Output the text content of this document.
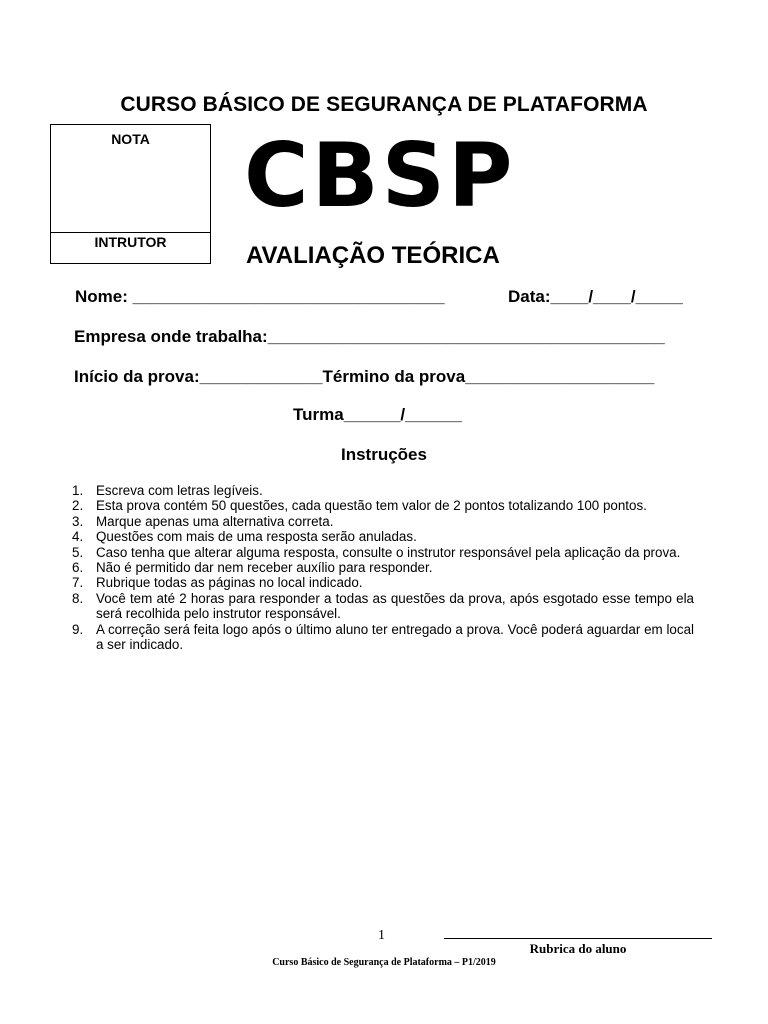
CURSO BÁSICO DE SEGURANÇA DE PLATAFORMA
NOTA
INTRUTOR
CBSP
AVALIAÇÃO TEÓRICA
Nome: _________________________________	Data:____/____/_____
Empresa onde trabalha:__________________________________________
Início da prova:_____________Término da prova____________________
Turma______/______
Instruções
1. Escreva com letras legíveis.
2. Esta prova contém 50 questões, cada questão tem valor de 2 pontos totalizando 100 pontos.
3. Marque apenas uma alternativa correta.
4. Questões com mais de uma resposta serão anuladas.
5. Caso tenha que alterar alguma resposta, consulte o instrutor responsável pela aplicação da prova.
6. Não é permitido dar nem receber auxílio para responder.
7. Rubrique todas as páginas no local indicado.
8. Você tem até 2 horas para responder a todas as questões da prova, após esgotado esse tempo ela será recolhida pelo instrutor responsável.
9. A correção será feita logo após o último aluno ter entregado a prova. Você poderá aguardar em local a ser indicado.
1
Rubrica do aluno
Curso Básico de Segurança de Plataforma – P1/2019
